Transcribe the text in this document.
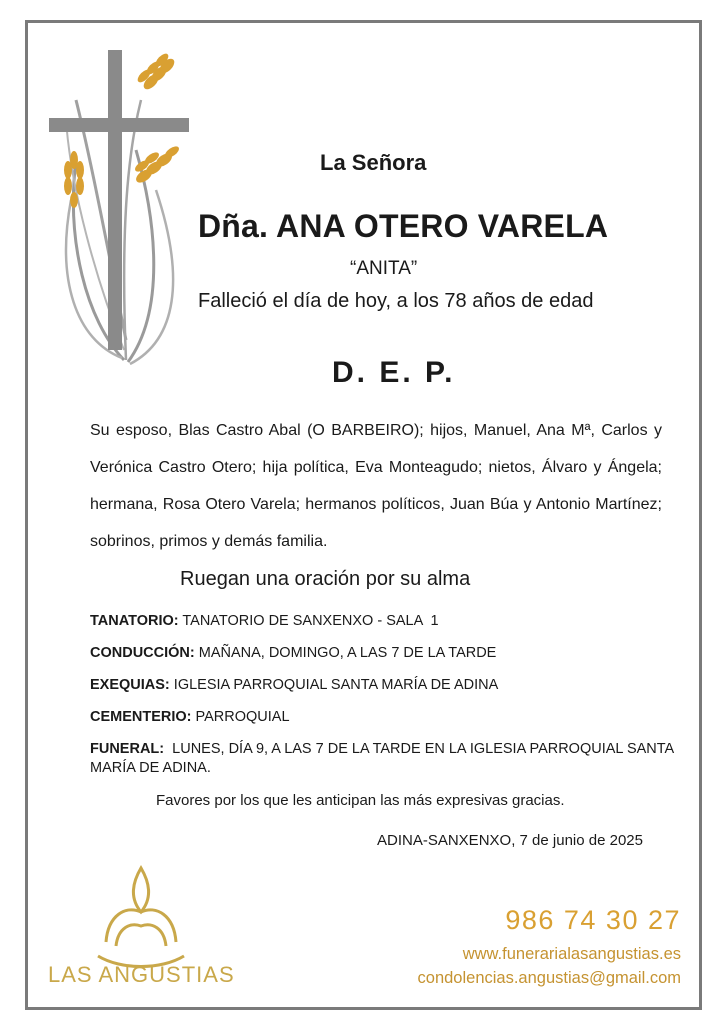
La Señora
Dña. ANA OTERO VARELA
“ANITA”
Falleció el día de hoy, a los 78 años de edad
D. E. P.
Su esposo, Blas Castro Abal (O BARBEIRO); hijos, Manuel, Ana Mª, Carlos y Verónica Castro Otero; hija política, Eva Monteagudo; nietos, Álvaro y Ángela; hermana, Rosa Otero Varela; hermanos políticos, Juan Búa y Antonio Martínez; sobrinos, primos y demás familia.
Ruegan una oración por su alma
TANATORIO: TANATORIO DE SANXENXO - SALA  1
CONDUCCIÓN: MAÑANA, DOMINGO, A LAS 7 DE LA TARDE
EXEQUIAS: IGLESIA PARROQUIAL SANTA MARÍA DE ADINA
CEMENTERIO: PARROQUIAL
FUNERAL:  LUNES, DÍA 9, A LAS 7 DE LA TARDE EN LA IGLESIA PARROQUIAL SANTA MARÍA DE ADINA.
Favores por los que les anticipan las más expresivas gracias.
ADINA-SANXENXO, 7 de junio de 2025
LAS ANGUSTIAS
986 74 30 27
www.funerarialasangustias.es
condolencias.angustias@gmail.com
